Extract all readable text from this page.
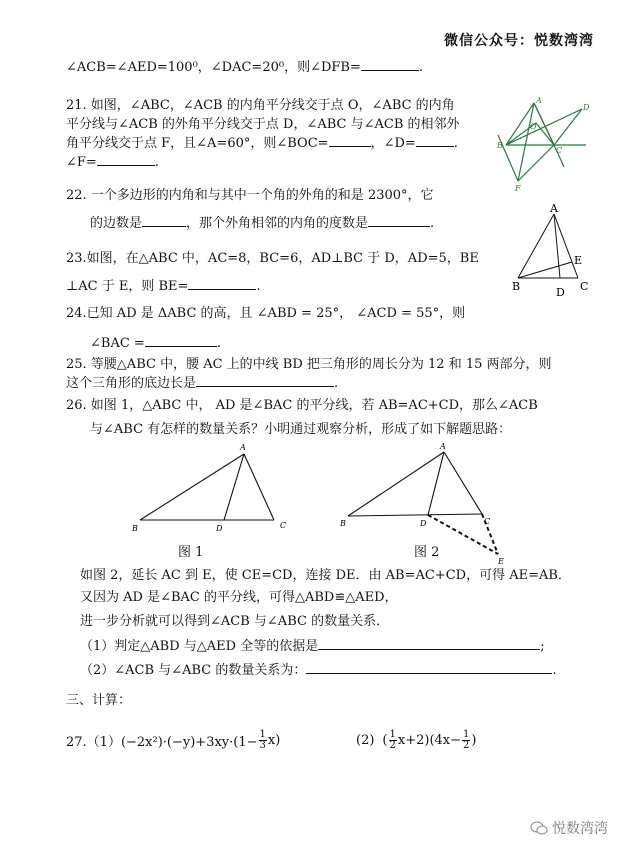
微信公众号：悦数湾湾
∠ACB=∠AED=100⁰，∠DAC=20⁰，则∠DFB=	.
21. 如图，∠ABC，∠ACB 的内角平分线交于点 O，∠ABC 的内角
平分线与∠ACB 的外角平分线交于点 D，∠ABC 与∠ACB 的相邻外
角平分线交于点 F，且∠A=60°，则∠BOC=	，∠D=	.
∠F=	.
A
O
B
C
D
F
22. 一个多边形的内角和与其中一个角的外角的和是 2300°，它
的边数是	，那个外角相邻的内角的度数是	.
23.如图，在△ABC 中，AC=8，BC=6，AD⊥BC 于 D，AD=5，BE
⊥AC 于 E，则 BE=	.
A
E
B	D C
24.已知 AD 是 ΔABC 的高，且 ∠ABD = 25°， ∠ACD = 55°，则
∠BAC =	.
25. 等腰△ABC 中，腰 AC 上的中线 BD 把三角形的周长分为 12 和 15 两部分，则
这个三角形的底边长是	.
26. 如图 1，△ABC 中， AD 是∠BAC 的平分线，若 AB=AC+CD，那么∠ACB
与∠ABC 有怎样的数量关系？小明通过观察分析，形成了如下解题思路：
A
B	D	C
图 1
A
B	D	C
E
图 2
如图 2，延长 AC 到 E，使 CE=CD，连接 DE．由 AB=AC+CD，可得 AE=AB．
又因为 AD 是∠BAC 的平分线，可得△ABD≌△AED，
进一步分析就可以得到∠ACB 与∠ABC 的数量关系．
（1）判定△ABD 与△AED 全等的依据是	;
（2）∠ACB 与∠ABC 的数量关系为：	.
三、计算：
$27.(1)(-2x^2)\cdot(-y)+3xy\cdot(1- \frac{1}{3} x)$	(2) ( $\frac{1}{2} x+2)(4x- \frac{1}{2}$ )
悦数湾湾
